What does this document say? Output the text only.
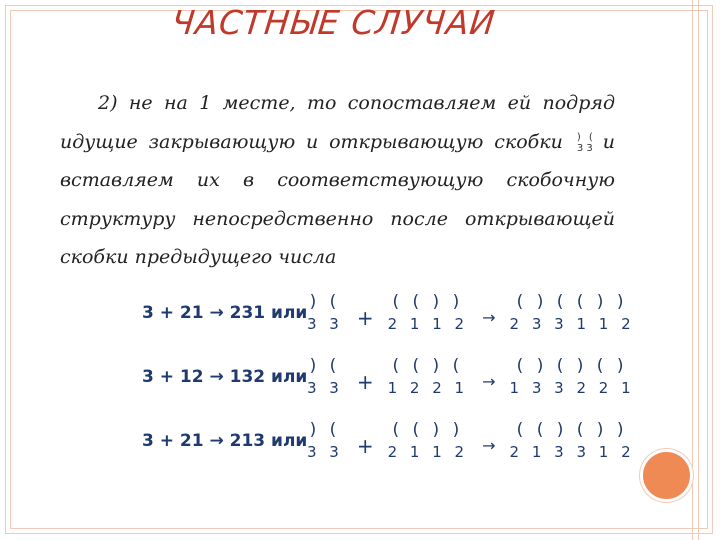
ЧАСТНЫЕ СЛУЧАИ
2) не на 1 месте, то сопоставляем ей подряд
идущие закрывающую и открывающую скобки ) (
3 3 и
вставляем их в соответствующую скобочную
структуру непосредственно после открывающей
скобки предыдущего числа
3 + 21 → 231 или
) (
3 3 +
( ( ) )
2 1 1 2 →
( ) ( ( ) )
2 3 3 1 1 2
3 + 12 → 132 или
) (
3 3 +
( ( ) (
1 2 2 1 →
( ) ( ) ( )
1 3 3 2 2 1
3 + 21 → 213 или
) (
3 3 +
( ( ) )
2 1 1 2 →
( ( ) ( ) )
2 1 3 3 1 2
